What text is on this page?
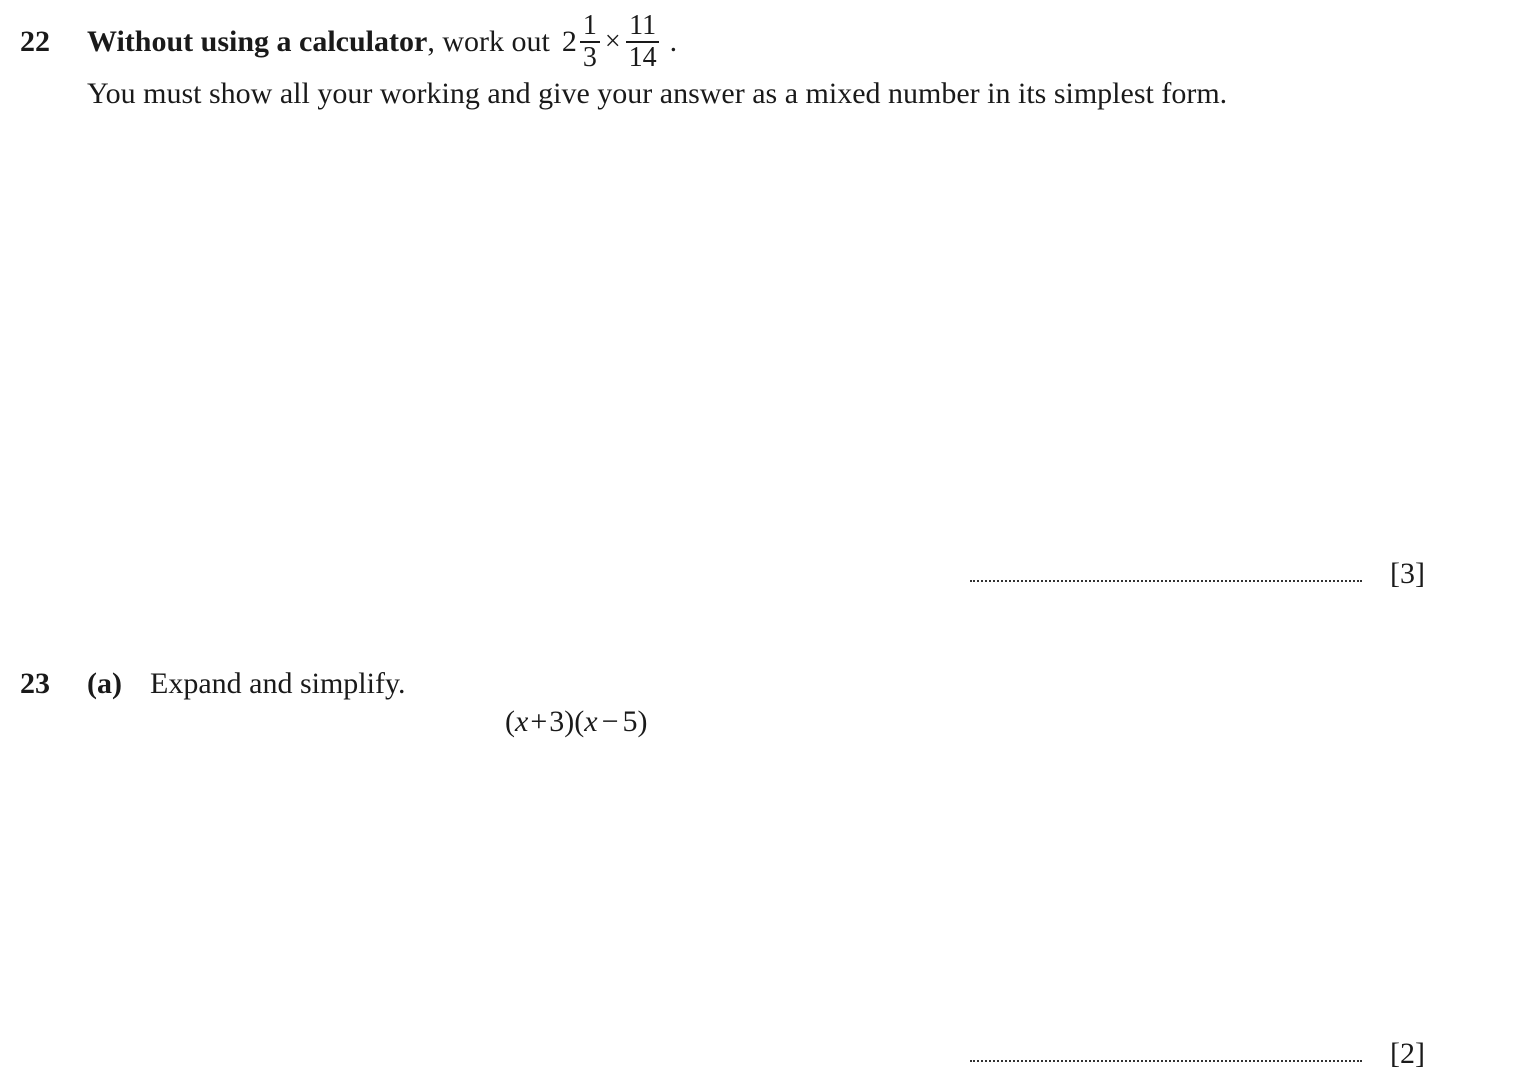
22 Without using a calculator , work out $2 \frac{1}{3} \times \frac{11}{14}$ .
You must show all your working and give your answer as a mixed number in its simplest form.
[3]
23 (a) Expand and simplify.
(x+3)(x − 5)
[2]
